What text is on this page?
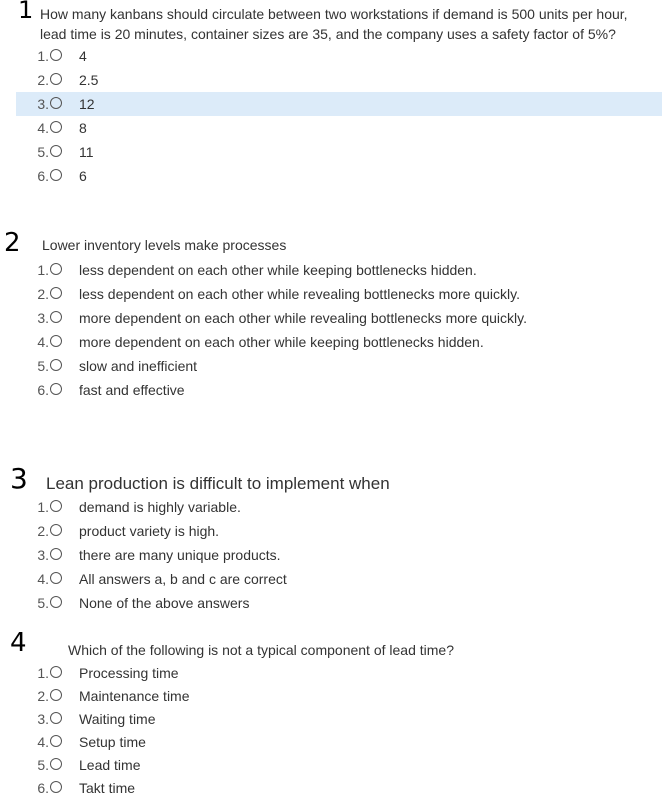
1 How many kanbans should circulate between two workstations if demand is 500 units per hour,
lead time is 20 minutes, container sizes are 35, and the company uses a safety factor of 5%?
1. 4
2. 2.5
3. 12
4. 8
5. 11
6. 6
2 Lower inventory levels make processes
1. less dependent on each other while keeping bottlenecks hidden.
2. less dependent on each other while revealing bottlenecks more quickly.
3. more dependent on each other while revealing bottlenecks more quickly.
4. more dependent on each other while keeping bottlenecks hidden.
5. slow and inefficient
6. fast and effective
3 Lean production is difficult to implement when
1. demand is highly variable.
2. product variety is high.
3. there are many unique products.
4. All answers a, b and c are correct
5. None of the above answers
4	Which of the following is not a typical component of lead time?
1. Processing time
2. Maintenance time
3. Waiting time
4. Setup time
5. Lead time
6. Takt time
